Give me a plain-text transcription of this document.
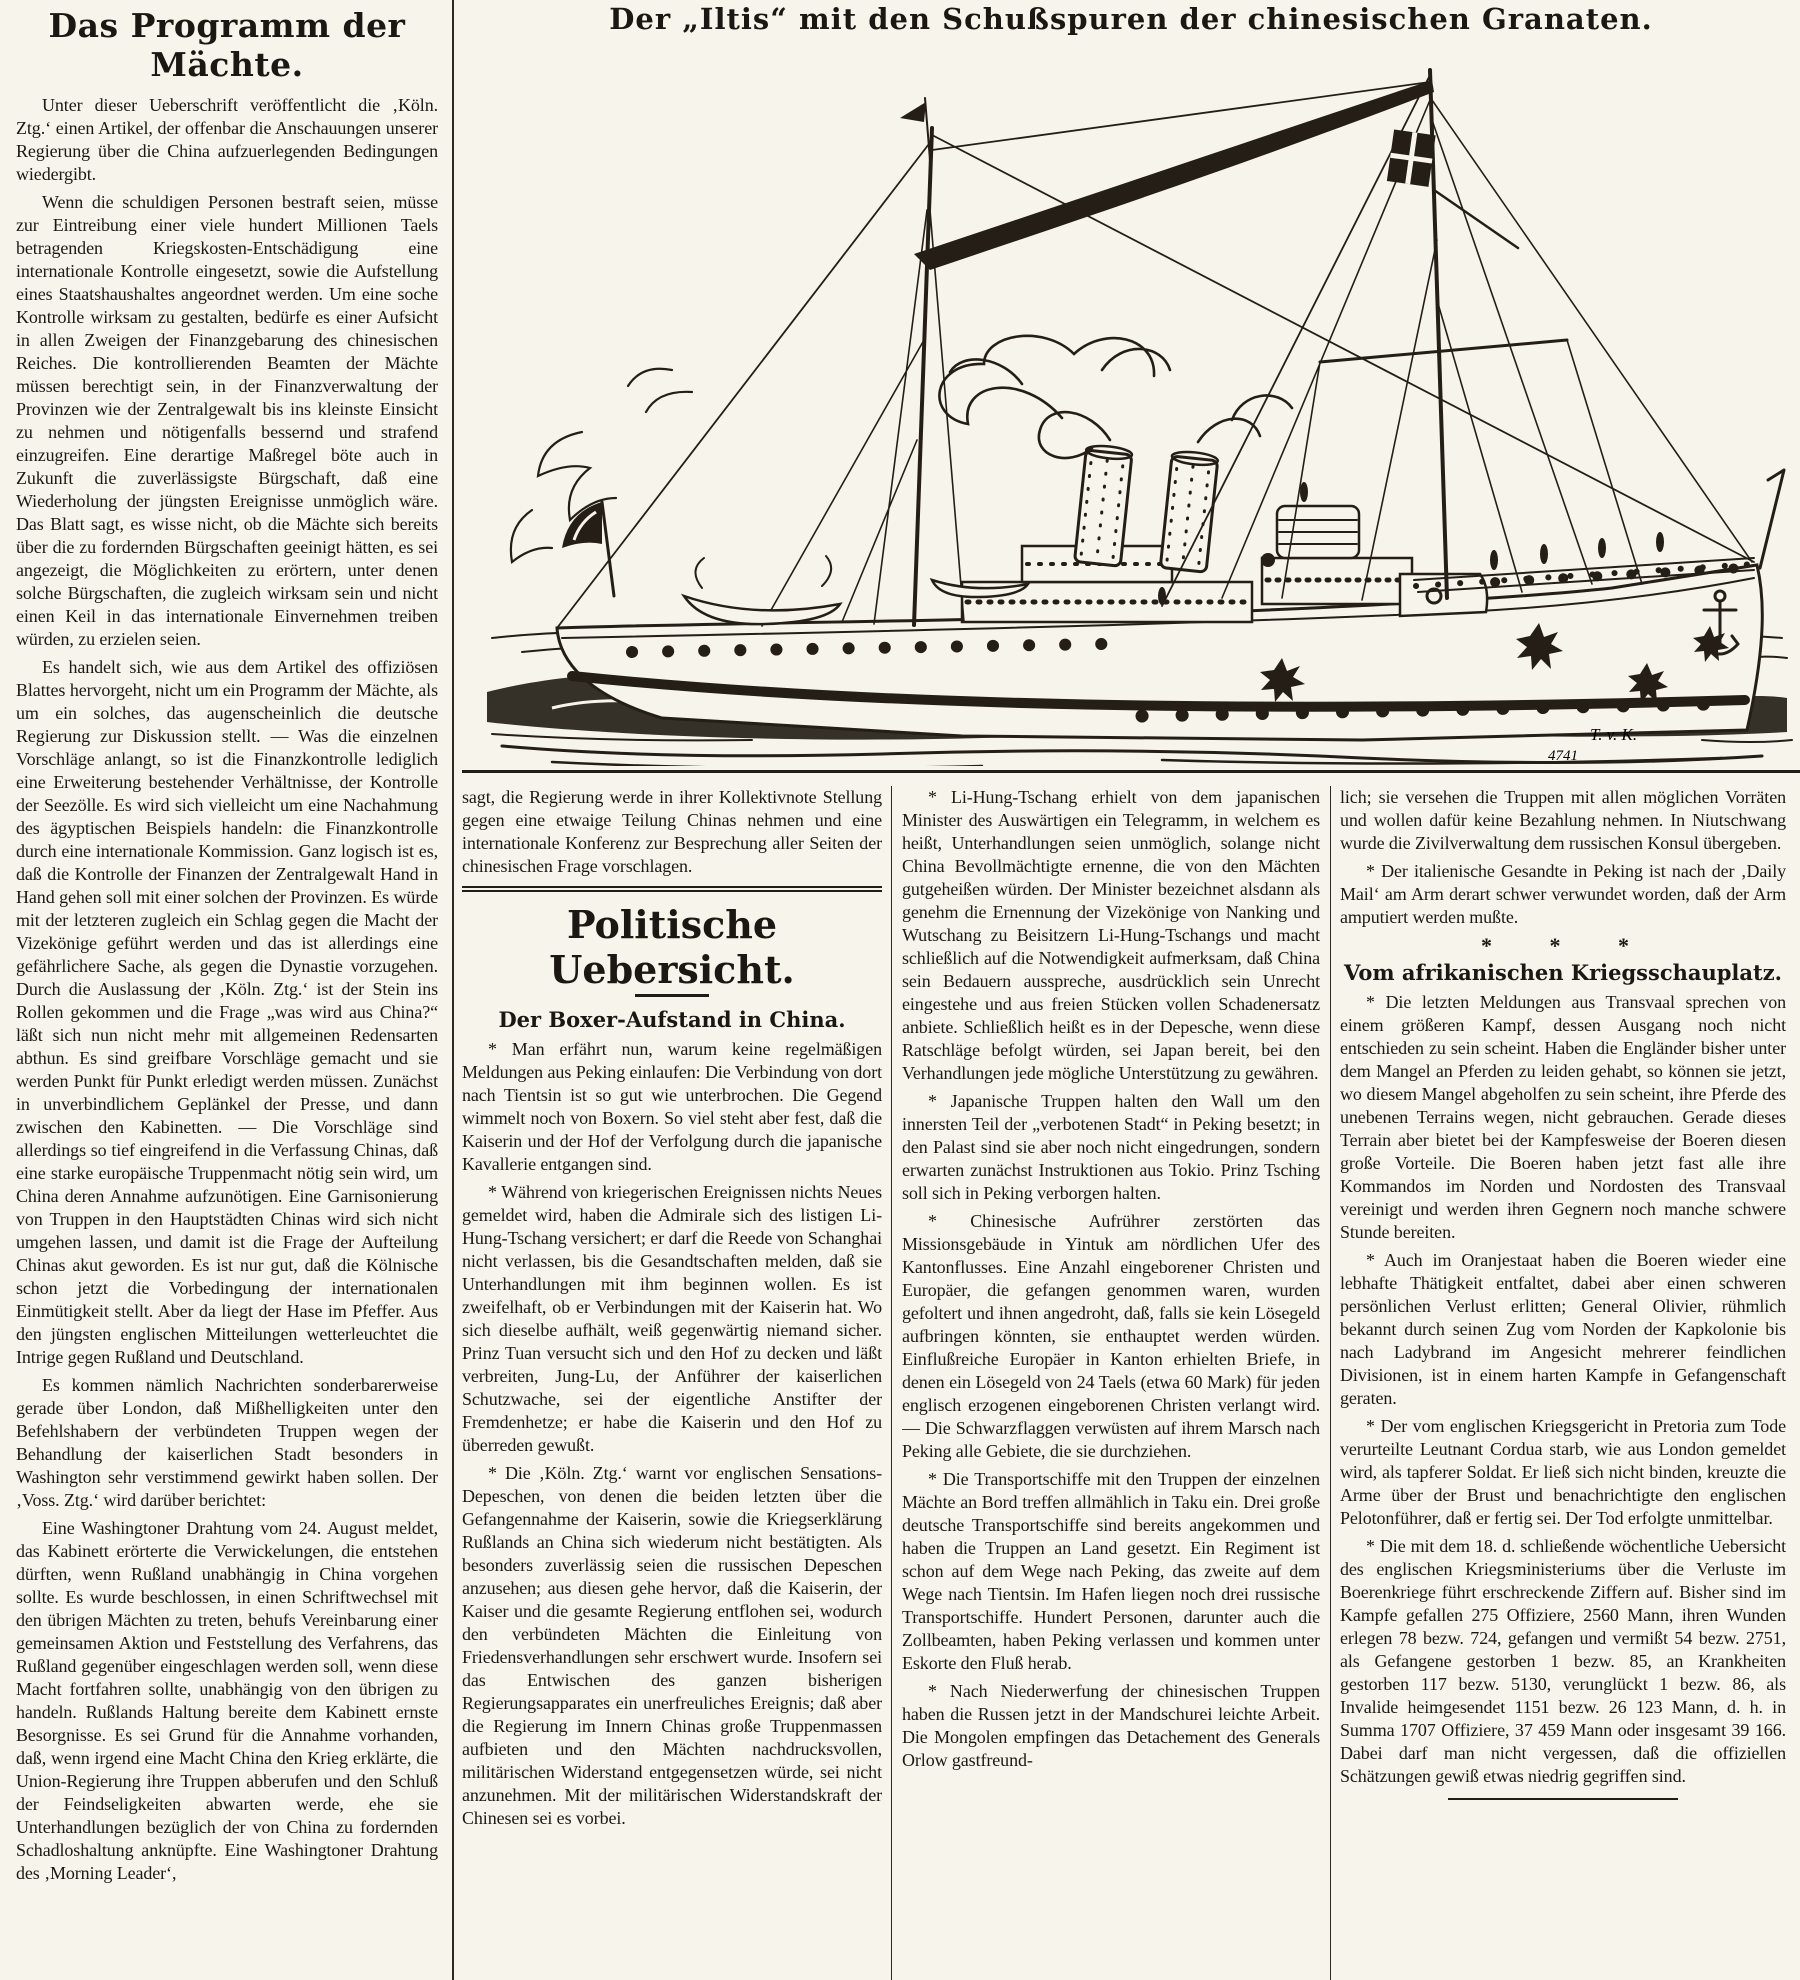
Das Programm der Mächte.

Unter dieser Ueberschrift veröffentlicht die ‚Köln. Ztg.‘ einen Artikel, der offenbar die Anschauungen unserer Regierung über die China aufzuerlegenden Bedingungen wiedergibt.

Wenn die schuldigen Personen bestraft seien, müsse zur Eintreibung einer viele hundert Millionen Taels betragenden Kriegskosten-Entschädigung eine internationale Kontrolle eingesetzt, sowie die Aufstellung eines Staatshaushaltes angeordnet werden. Um eine soche Kontrolle wirksam zu gestalten, bedürfe es einer Aufsicht in allen Zweigen der Finanzgebarung des chinesischen Reiches. Die kontrollierenden Beamten der Mächte müssen berechtigt sein, in der Finanzverwaltung der Provinzen wie der Zentralgewalt bis ins kleinste Einsicht zu nehmen und nötigenfalls bessernd und strafend einzugreifen. Eine derartige Maßregel böte auch in Zukunft die zuverlässigste Bürgschaft, daß eine Wiederholung der jüngsten Ereignisse unmöglich wäre. Das Blatt sagt, es wisse nicht, ob die Mächte sich bereits über die zu fordernden Bürgschaften geeinigt hätten, es sei angezeigt, die Möglichkeiten zu erörtern, unter denen solche Bürgschaften, die zugleich wirksam sein und nicht einen Keil in das internationale Einvernehmen treiben würden, zu erzielen seien.

Es handelt sich, wie aus dem Artikel des offiziösen Blattes hervorgeht, nicht um ein Programm der Mächte, als um ein solches, das augenscheinlich die deutsche Regierung zur Diskussion stellt. — Was die einzelnen Vorschläge anlangt, so ist die Finanzkontrolle lediglich eine Erweiterung bestehender Verhältnisse, der Kontrolle der Seezölle. Es wird sich vielleicht um eine Nachahmung des ägyptischen Beispiels handeln: die Finanzkontrolle durch eine internationale Kommission. Ganz logisch ist es, daß die Kontrolle der Finanzen der Zentralgewalt Hand in Hand gehen soll mit einer solchen der Provinzen. Es würde mit der letzteren zugleich ein Schlag gegen die Macht der Vizekönige geführt werden und das ist allerdings eine gefährlichere Sache, als gegen die Dynastie vorzugehen. Durch die Auslassung der ‚Köln. Ztg.‘ ist der Stein ins Rollen gekommen und die Frage „was wird aus China?“ läßt sich nun nicht mehr mit allgemeinen Redensarten abthun. Es sind greifbare Vorschläge gemacht und sie werden Punkt für Punkt erledigt werden müssen. Zunächst in unverbindlichem Geplänkel der Presse, und dann zwischen den Kabinetten. — Die Vorschläge sind allerdings so tief eingreifend in die Verfassung Chinas, daß eine starke europäische Truppenmacht nötig sein wird, um China deren Annahme aufzunötigen. Eine Garnisonierung von Truppen in den Hauptstädten Chinas wird sich nicht umgehen lassen, und damit ist die Frage der Aufteilung Chinas akut geworden. Es ist nur gut, daß die Kölnische schon jetzt die Vorbedingung der internationalen Einmütigkeit stellt. Aber da liegt der Hase im Pfeffer. Aus den jüngsten englischen Mitteilungen wetterleuchtet die Intrige gegen Rußland und Deutschland.

Es kommen nämlich Nachrichten sonderbarerweise gerade über London, daß Mißhelligkeiten unter den Befehlshabern der verbündeten Truppen wegen der Behandlung der kaiserlichen Stadt besonders in Washington sehr verstimmend gewirkt haben sollen. Der ‚Voss. Ztg.‘ wird darüber berichtet:

Eine Washingtoner Drahtung vom 24. August meldet, das Kabinett erörterte die Verwickelungen, die entstehen dürften, wenn Rußland unabhängig in China vorgehen sollte. Es wurde beschlossen, in einen Schriftwechsel mit den übrigen Mächten zu treten, behufs Vereinbarung einer gemeinsamen Aktion und Feststellung des Verfahrens, das Rußland gegenüber eingeschlagen werden soll, wenn diese Macht fortfahren sollte, unabhängig von den übrigen zu handeln. Rußlands Haltung bereite dem Kabinett ernste Besorgnisse. Es sei Grund für die Annahme vorhanden, daß, wenn irgend eine Macht China den Krieg erklärte, die Union-Regierung ihre Truppen abberufen und den Schluß der Feindseligkeiten abwarten werde, ehe sie Unterhandlungen bezüglich der von China zu fordernden Schadloshaltung anknüpfte. Eine Washingtoner Drahtung des ‚Morning Leader‘,

Der „Iltis“ mit den Schußspuren der chinesischen Granaten.
T. v. K.
4741

sagt, die Regierung werde in ihrer Kollektivnote Stellung gegen eine etwaige Teilung Chinas nehmen und eine internationale Konferenz zur Besprechung aller Seiten der chinesischen Frage vorschlagen.

Politische Uebersicht.
Der Boxer-Aufstand in China.

* Man erfährt nun, warum keine regelmäßigen Meldungen aus Peking einlaufen: Die Verbindung von dort nach Tientsin ist so gut wie unterbrochen. Die Gegend wimmelt noch von Boxern. So viel steht aber fest, daß die Kaiserin und der Hof der Verfolgung durch die japanische Kavallerie entgangen sind.

* Während von kriegerischen Ereignissen nichts Neues gemeldet wird, haben die Admirale sich des listigen Li-Hung-Tschang versichert; er darf die Reede von Schanghai nicht verlassen, bis die Gesandtschaften melden, daß sie Unterhandlungen mit ihm beginnen wollen. Es ist zweifelhaft, ob er Verbindungen mit der Kaiserin hat. Wo sich dieselbe aufhält, weiß gegenwärtig niemand sicher. Prinz Tuan versucht sich und den Hof zu decken und läßt verbreiten, Jung-Lu, der Anführer der kaiserlichen Schutzwache, sei der eigentliche Anstifter der Fremdenhetze; er habe die Kaiserin und den Hof zu überreden gewußt.

* Die ‚Köln. Ztg.‘ warnt vor englischen Sensations-Depeschen, von denen die beiden letzten über die Gefangennahme der Kaiserin, sowie die Kriegserklärung Rußlands an China sich wiederum nicht bestätigten. Als besonders zuverlässig seien die russischen Depeschen anzusehen; aus diesen gehe hervor, daß die Kaiserin, der Kaiser und die gesamte Regierung entflohen sei, wodurch den verbündeten Mächten die Einleitung von Friedensverhandlungen sehr erschwert wurde. Insofern sei das Entwischen des ganzen bisherigen Regierungsapparates ein unerfreuliches Ereignis; daß aber die Regierung im Innern Chinas große Truppenmassen aufbieten und den Mächten nachdrucksvollen, militärischen Widerstand entgegensetzen würde, sei nicht anzunehmen. Mit der militärischen Widerstandskraft der Chinesen sei es vorbei.

* Li-Hung-Tschang erhielt von dem japanischen Minister des Auswärtigen ein Telegramm, in welchem es heißt, Unterhandlungen seien unmöglich, solange nicht China Bevollmächtigte ernenne, die von den Mächten gutgeheißen würden. Der Minister bezeichnet alsdann als genehm die Ernennung der Vizekönige von Nanking und Wutschang zu Beisitzern Li-Hung-Tschangs und macht schließlich auf die Notwendigkeit aufmerksam, daß China sein Bedauern ausspreche, ausdrücklich sein Unrecht eingestehe und aus freien Stücken vollen Schadenersatz anbiete. Schließlich heißt es in der Depesche, wenn diese Ratschläge befolgt würden, sei Japan bereit, bei den Verhandlungen jede mögliche Unterstützung zu gewähren.

* Japanische Truppen halten den Wall um den innersten Teil der „verbotenen Stadt“ in Peking besetzt; in den Palast sind sie aber noch nicht eingedrungen, sondern erwarten zunächst Instruktionen aus Tokio. Prinz Tsching soll sich in Peking verborgen halten.

* Chinesische Aufrührer zerstörten das Missionsgebäude in Yintuk am nördlichen Ufer des Kantonflusses. Eine Anzahl eingeborener Christen und Europäer, die gefangen genommen waren, wurden gefoltert und ihnen angedroht, daß, falls sie kein Lösegeld aufbringen könnten, sie enthauptet werden würden. Einflußreiche Europäer in Kanton erhielten Briefe, in denen ein Lösegeld von 24 Taels (etwa 60 Mark) für jeden englisch erzogenen eingeborenen Christen verlangt wird. — Die Schwarzflaggen verwüsten auf ihrem Marsch nach Peking alle Gebiete, die sie durchziehen.

* Die Transportschiffe mit den Truppen der einzelnen Mächte an Bord treffen allmählich in Taku ein. Drei große deutsche Transportschiffe sind bereits angekommen und haben die Truppen an Land gesetzt. Ein Regiment ist schon auf dem Wege nach Peking, das zweite auf dem Wege nach Tientsin. Im Hafen liegen noch drei russische Transportschiffe. Hundert Personen, darunter auch die Zollbeamten, haben Peking verlassen und kommen unter Eskorte den Fluß herab.

* Nach Niederwerfung der chinesischen Truppen haben die Russen jetzt in der Mandschurei leichte Arbeit. Die Mongolen empfingen das Detachement des Generals Orlow gastfreund-

lich; sie versehen die Truppen mit allen möglichen Vorräten und wollen dafür keine Bezahlung nehmen. In Niutschwang wurde die Zivilverwaltung dem russischen Konsul übergeben.

* Der italienische Gesandte in Peking ist nach der ‚Daily Mail‘ am Arm derart schwer verwundet worden, daß der Arm amputiert werden mußte.

* * *
Vom afrikanischen Kriegsschauplatz.

* Die letzten Meldungen aus Transvaal sprechen von einem größeren Kampf, dessen Ausgang noch nicht entschieden zu sein scheint. Haben die Engländer bisher unter dem Mangel an Pferden zu leiden gehabt, so können sie jetzt, wo diesem Mangel abgeholfen zu sein scheint, ihre Pferde des unebenen Terrains wegen, nicht gebrauchen. Gerade dieses Terrain aber bietet bei der Kampfesweise der Boeren diesen große Vorteile. Die Boeren haben jetzt fast alle ihre Kommandos im Norden und Nordosten des Transvaal vereinigt und werden ihren Gegnern noch manche schwere Stunde bereiten.

* Auch im Oranjestaat haben die Boeren wieder eine lebhafte Thätigkeit entfaltet, dabei aber einen schweren persönlichen Verlust erlitten; General Olivier, rühmlich bekannt durch seinen Zug vom Norden der Kapkolonie bis nach Ladybrand im Angesicht mehrerer feindlichen Divisionen, ist in einem harten Kampfe in Gefangenschaft geraten.

* Der vom englischen Kriegsgericht in Pretoria zum Tode verurteilte Leutnant Cordua starb, wie aus London gemeldet wird, als tapferer Soldat. Er ließ sich nicht binden, kreuzte die Arme über der Brust und benachrichtigte den englischen Pelotonführer, daß er fertig sei. Der Tod erfolgte unmittelbar.

* Die mit dem 18. d. schließende wöchentliche Uebersicht des englischen Kriegsministeriums über die Verluste im Boerenkriege führt erschreckende Ziffern auf. Bisher sind im Kampfe gefallen 275 Offiziere, 2560 Mann, ihren Wunden erlegen 78 bezw. 724, gefangen und vermißt 54 bezw. 2751, als Gefangene gestorben 1 bezw. 85, an Krankheiten gestorben 117 bezw. 5130, verunglückt 1 bezw. 86, als Invalide heimgesendet 1151 bezw. 26 123 Mann, d. h. in Summa 1707 Offiziere, 37 459 Mann oder insgesamt 39 166. Dabei darf man nicht vergessen, daß die offiziellen Schätzungen gewiß etwas niedrig gegriffen sind.
